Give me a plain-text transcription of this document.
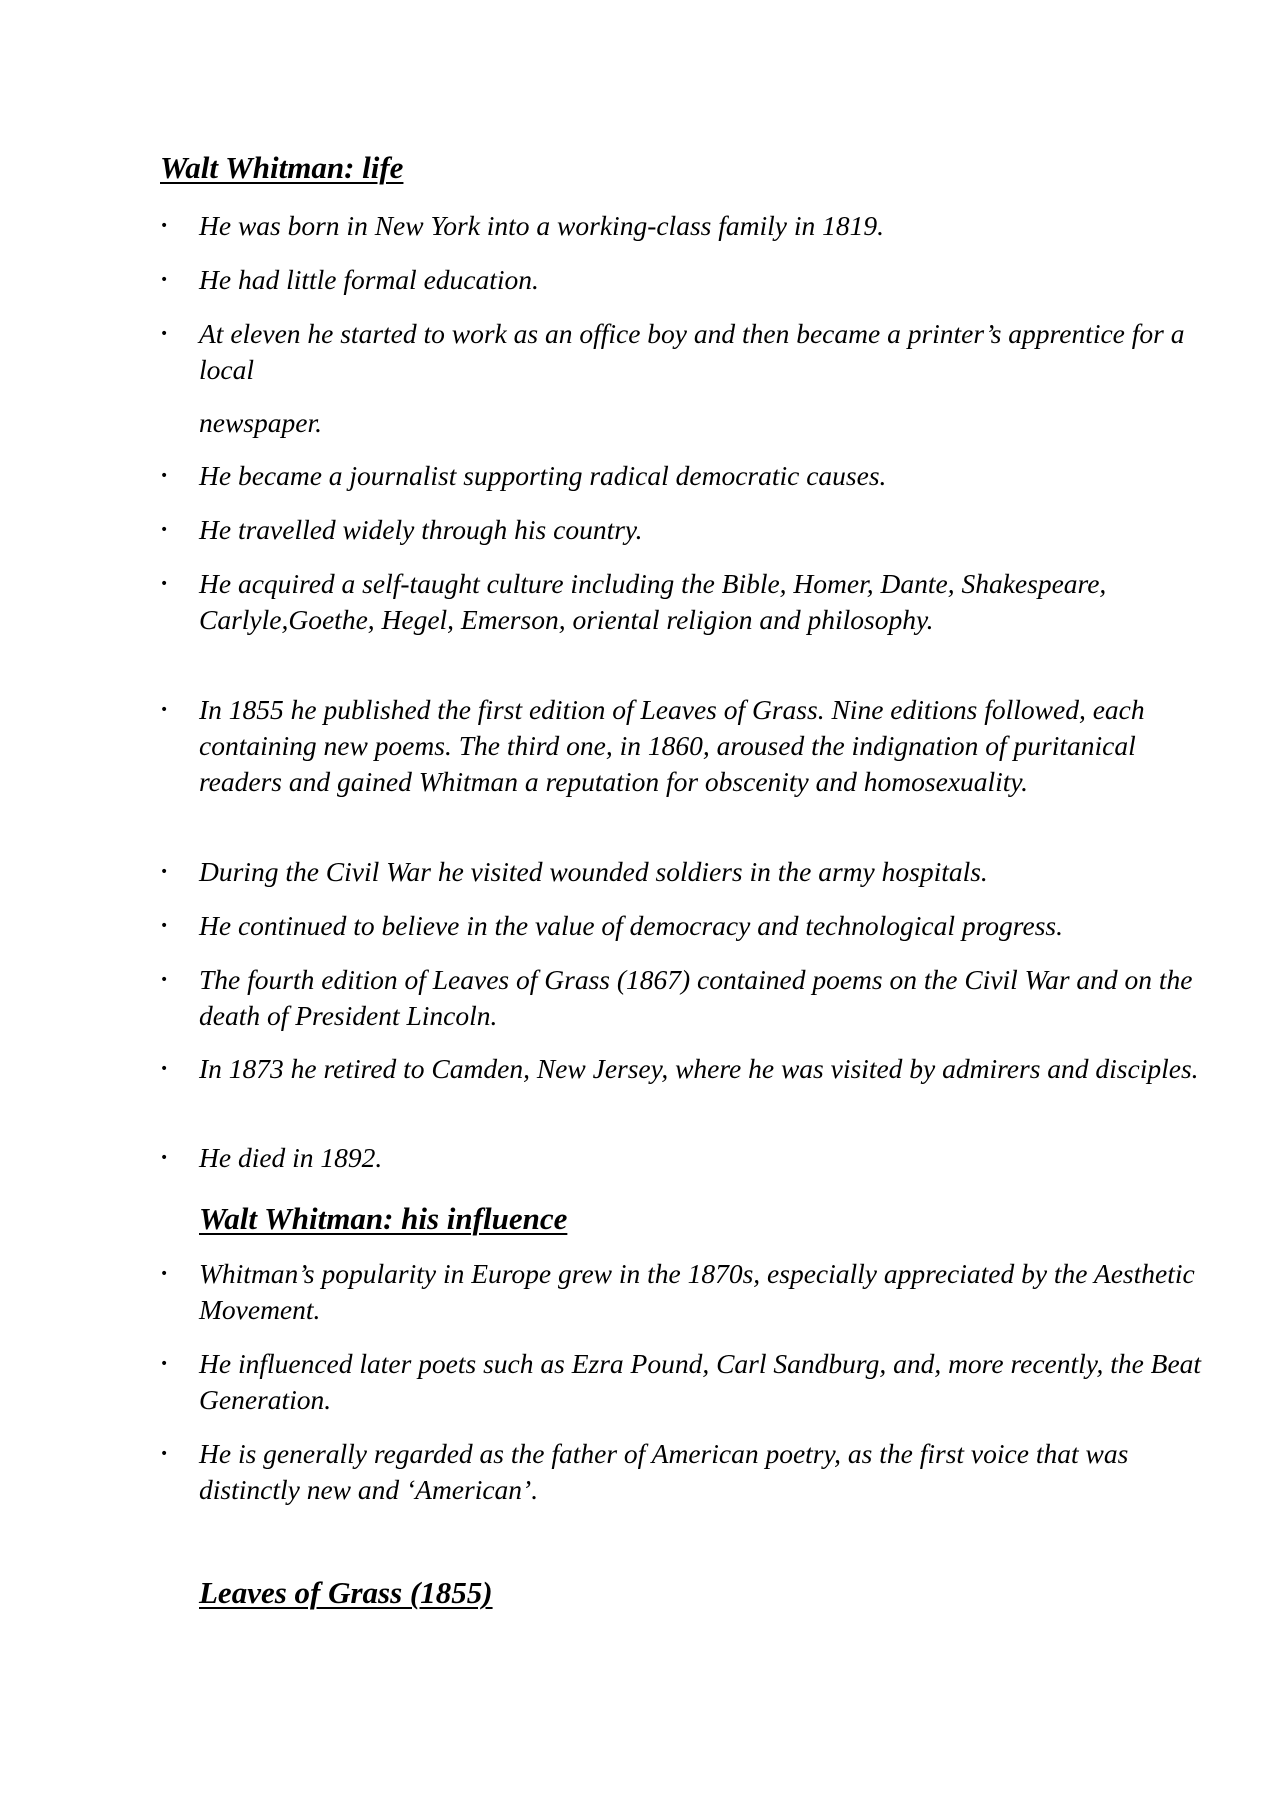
Walt Whitman: life
• He was born in New York into a working-class family in 1819.

• He had little formal education.

• At eleven he started to work as an office boy and then became a printer’s apprentice for a local

newspaper.
• He became a journalist supporting radical democratic causes.

• He travelled widely through his country.

• He acquired a self-taught culture including the Bible, Homer, Dante, Shakespeare, Carlyle,Goethe, Hegel, Emerson, oriental religion and philosophy.

• In 1855 he published the first edition of Leaves of Grass. Nine editions followed, each containing new poems. The third one, in 1860, aroused the indignation of puritanical readers and gained Whitman a reputation for obscenity and homosexuality.

• During the Civil War he visited wounded soldiers in the army hospitals.

• He continued to believe in the value of democracy and technological progress.

• The fourth edition of Leaves of Grass (1867) contained poems on the Civil War and on the death of President Lincoln.

• In 1873 he retired to Camden, New Jersey, where he was visited by admirers and disciples.

• He died in 1892.

Walt Whitman: his influence
• Whitman’s popularity in Europe grew in the 1870s, especially appreciated by the Aesthetic Movement.

• He influenced later poets such as Ezra Pound, Carl Sandburg, and, more recently, the Beat Generation.

• He is generally regarded as the father of American poetry, as the first voice that was distinctly new and ‘American’.

Leaves of Grass (1855)
